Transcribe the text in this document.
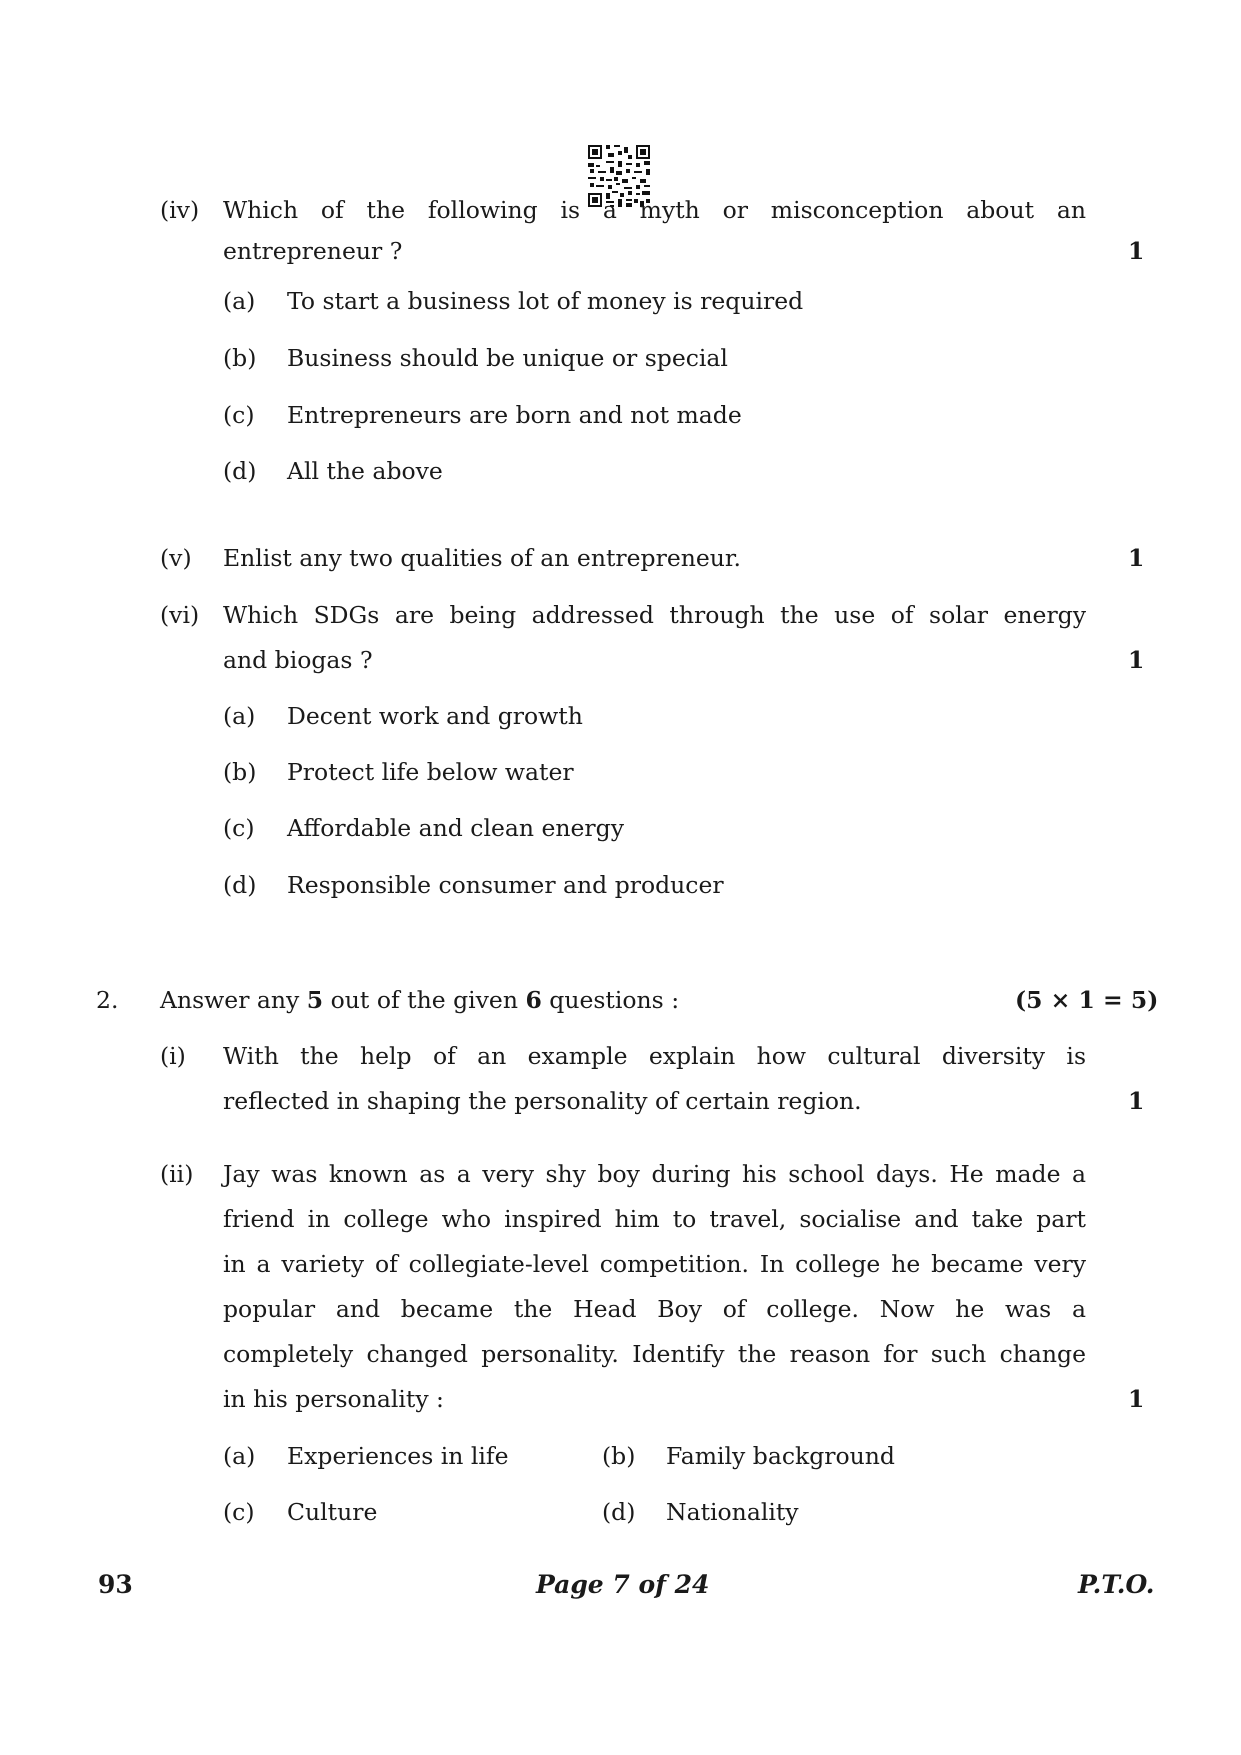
(iv) Which of the following is a myth or misconception about an
entrepreneur ?	1
(a) To start a business lot of money is required
(b) Business should be unique or special
(c) Entrepreneurs are born and not made
(d) All the above
(v) Enlist any two qualities of an entrepreneur.	1
(vi) Which SDGs are being addressed through the use of solar energy
and biogas ?	1
(a) Decent work and growth
(b) Protect life below water
(c) Affordable and clean energy
(d) Responsible consumer and producer
2. Answer any 5 out of the given 6 questions :	(5 × 1 = 5)
(i) With the help of an example explain how cultural diversity is
reflected in shaping the personality of certain region.	1
(ii) Jay was known as a very shy boy during his school days. He made a
friend in college who inspired him to travel, socialise and take part
in a variety of collegiate-level competition. In college he became very
popular and became the Head Boy of college. Now he was a
completely changed personality. Identify the reason for such change
in his personality :	1
(a) Experiences in life	(b) Family background
(c) Culture	(d) Nationality
93	Page 7 of 24	P.T.O.
